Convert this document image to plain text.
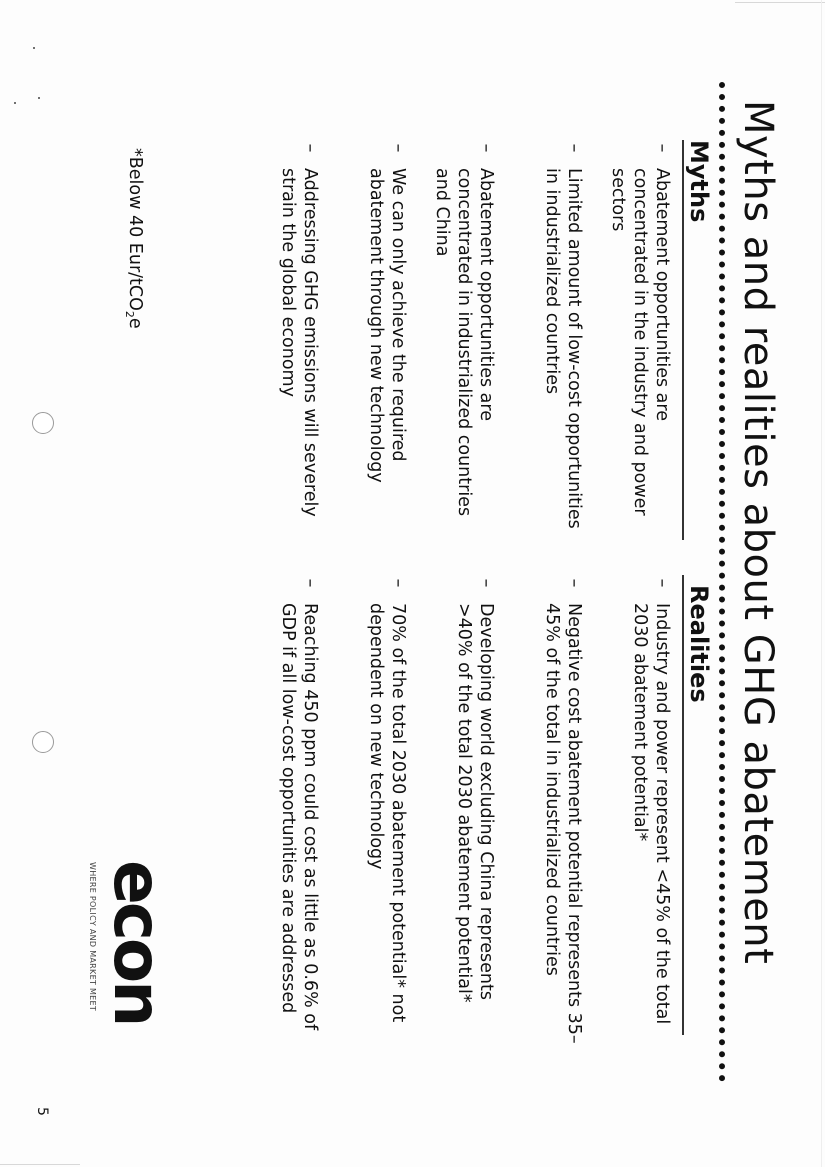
Myths and realities about GHG abatement
Myths
Realities
–
Abatement opportunities are concentrated in the industry and power sectors
–
Limited amount of low-cost opportunities in industrialized countries
–
Abatement opportunities are concentrated in industrialized countries and China
–
We can only achieve the required abatement through new technology
–
Addressing GHG emissions will severely strain the global economy
–
Industry and power represent <45% of the total 2030 abatement potential*
–
Negative cost abatement potential represents 35–45% of the total in industrialized countries
–
Developing world excluding China represents >40% of the total 2030 abatement potential*
–
70% of the total 2030 abatement potential* not dependent on new technology
–
Reaching 450 ppm could cost as little as 0.6% of GDP if all low-cost opportunities are addressed
*Below 40 Eur/tCO$_2$e
econ
WHERE POLICY AND MARKET MEET
5
